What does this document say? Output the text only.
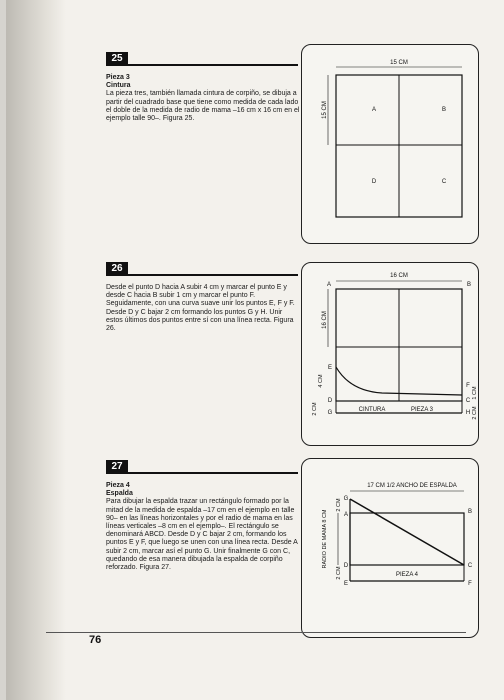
25
Pieza 3
Cintura

La pieza tres, también llamada cintura de corpiño, se dibuja a partir del cuadrado base que tiene como medida de cada lado el doble de la medida de radio de mama –16 cm x 16 cm en el ejemplo talle 90–. Figura 25.

15 CM
15 CM	A	B
D	C
26

Desde el punto D hacia A subir 4 cm y marcar el punto E y desde C hacia B subir 1 cm y marcar el punto F. Seguidamente, con una curva suave unir los puntos E, F y F. Desde D y C bajar 2 cm formando los puntos G y H. Unir estos últimos dos puntos entre sí con una línea recta. Figura 26.

16 CM
16 CM
A	B
E
F
D	C
G	H
4 CM
2 CM
1 CM
2 CM
CINTURA	PIEZA 3
27
Pieza 4
Espalda

Para dibujar la espalda trazar un rectángulo formado por la mitad de la medida de espalda –17 cm en el ejemplo en talle 90– en las líneas horizontales y por el radio de mama en las líneas verticales –8 cm en el ejemplo–. El rectángulo se denominará ABCD. Desde D y C bajar 2 cm, formando los puntos E y F, que luego se unen con una línea recta. Desde A subir 2 cm, marcar así el punto G. Unir finalmente G con C, quedando de esa manera dibujada la espalda de corpiño reforzado. Figura 27.

17 CM 1/2 ANCHO DE ESPALDA
RADIO DE MAMA 8 CM
2 CM
2 CM
G
A	B
C
D
E	F
PIEZA 4
76
